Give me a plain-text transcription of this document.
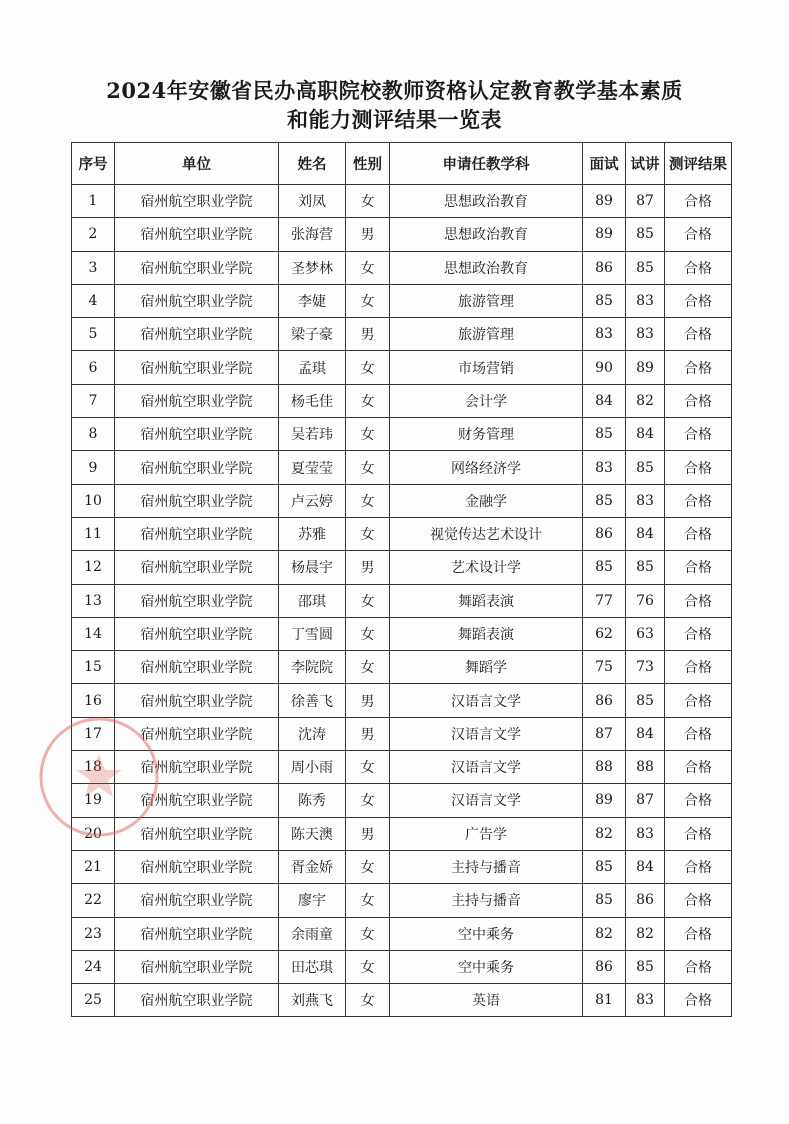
2024年安徽省民办高职院校教师资格认定教育教学基本素质
和能力测评结果一览表
序号	单位	姓名	性别	申请任教学科	面试	试讲	测评结果
1	宿州航空职业学院	刘凤	女	思想政治教育	89	87	合格
2	宿州航空职业学院	张海营	男	思想政治教育	89	85	合格
3	宿州航空职业学院	圣梦林	女	思想政治教育	86	85	合格
4	宿州航空职业学院	李婕	女	旅游管理	85	83	合格
5	宿州航空职业学院	梁子豪	男	旅游管理	83	83	合格
6	宿州航空职业学院	孟琪	女	市场营销	90	89	合格
7	宿州航空职业学院	杨毛佳	女	会计学	84	82	合格
8	宿州航空职业学院	吴若玮	女	财务管理	85	84	合格
9	宿州航空职业学院	夏莹莹	女	网络经济学	83	85	合格
10	宿州航空职业学院	卢云婷	女	金融学	85	83	合格
11	宿州航空职业学院	苏雅	女	视觉传达艺术设计	86	84	合格
12	宿州航空职业学院	杨晨宇	男	艺术设计学	85	85	合格
13	宿州航空职业学院	邵琪	女	舞蹈表演	77	76	合格
14	宿州航空职业学院	丁雪圆	女	舞蹈表演	62	63	合格
15	宿州航空职业学院	李院院	女	舞蹈学	75	73	合格
16	宿州航空职业学院	徐善飞	男	汉语言文学	86	85	合格
17	宿州航空职业学院	沈涛	男	汉语言文学	87	84	合格
18	宿州航空职业学院	周小雨	女	汉语言文学	88	88	合格
19	宿州航空职业学院	陈秀	女	汉语言文学	89	87	合格
20	宿州航空职业学院	陈天澳	男	广告学	82	83	合格
21	宿州航空职业学院	胥金娇	女	主持与播音	85	84	合格
22	宿州航空职业学院	廖宇	女	主持与播音	85	86	合格
23	宿州航空职业学院	余雨童	女	空中乘务	82	82	合格
24	宿州航空职业学院	田芯琪	女	空中乘务	86	85	合格
25	宿州航空职业学院	刘燕飞	女	英语	81	83	合格
